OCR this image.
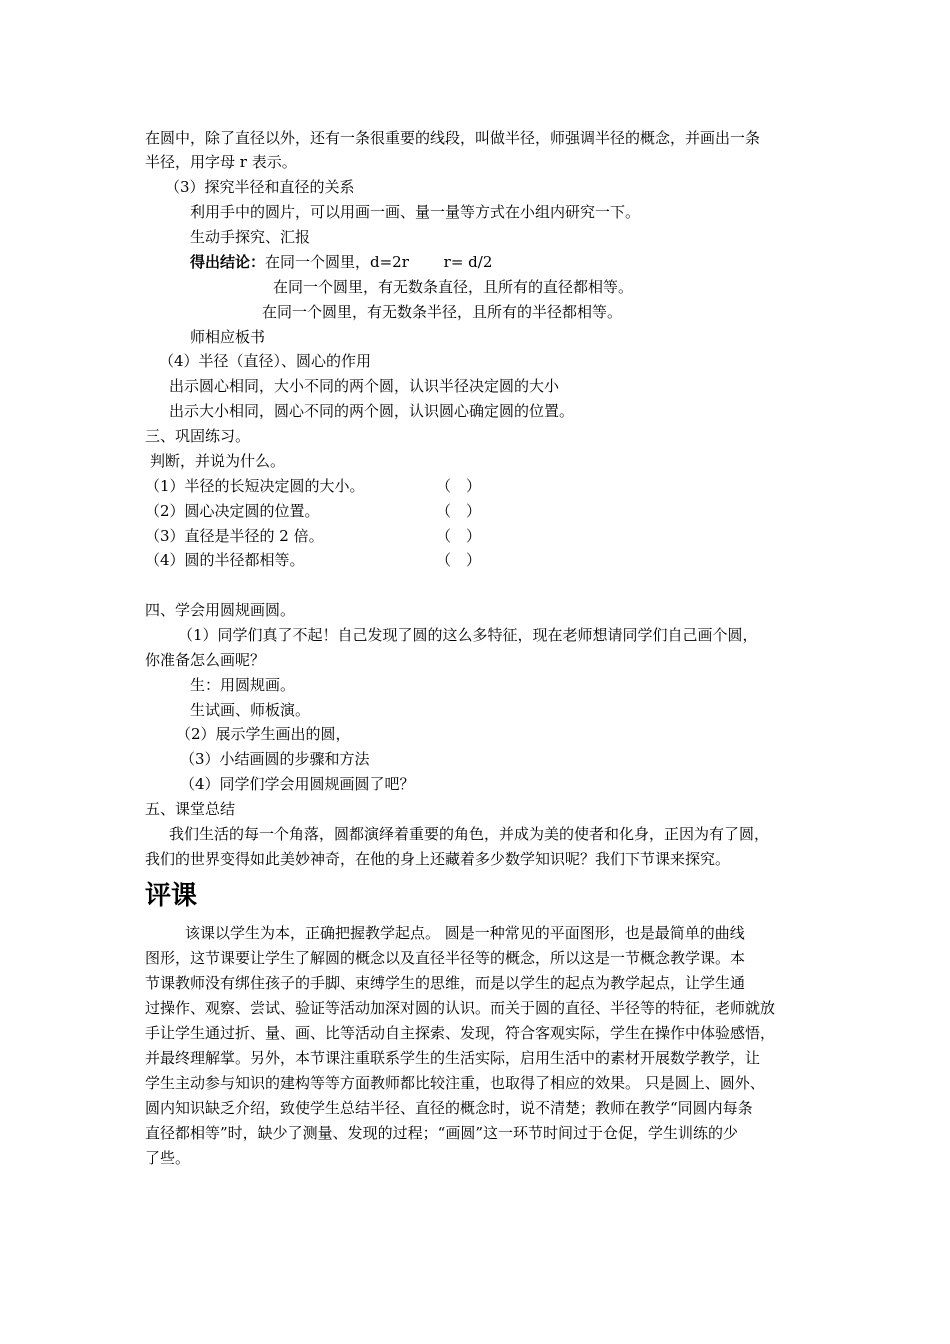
在圆中，除了直径以外，还有一条很重要的线段，叫做半径，师强调半径的概念，并画出一条
半径，用字母 r 表示。
（3）探究半径和直径的关系
利用手中的圆片，可以用画一画、量一量等方式在小组内研究一下。
生动手探究、汇报
得出结论：在同一个圆里，d=2r　　 r= d/2
在同一个圆里，有无数条直径，且所有的直径都相等。
在同一个圆里，有无数条半径，且所有的半径都相等。
师相应板书
（4）半径（直径）、圆心的作用
出示圆心相同，大小不同的两个圆，认识半径决定圆的大小
出示大小相同，圆心不同的两个圆，认识圆心确定圆的位置。
三、巩固练习。
判断，并说为什么。
（1）半径的长短决定圆的大小。	（　）
（2）圆心决定圆的位置。	（　）
（3）直径是半径的 2 倍。	（　）
（4）圆的半径都相等。	（　）
四、学会用圆规画圆。
（1）同学们真了不起！自己发现了圆的这么多特征，现在老师想请同学们自己画个圆，
你准备怎么画呢？
生：用圆规画。
生试画、师板演。
（2）展示学生画出的圆，
（3）小结画圆的步骤和方法
（4）同学们学会用圆规画圆了吧？
五、课堂总结
我们生活的每一个角落，圆都演绎着重要的角色，并成为美的使者和化身，正因为有了圆，
我们的世界变得如此美妙神奇，在他的身上还藏着多少数学知识呢？我们下节课来探究。
评课
该课以学生为本，正确把握教学起点。 圆是一种常见的平面图形，也是最简单的曲线
图形，这节课要让学生了解圆的概念以及直径半径等的概念，所以这是一节概念教学课。本
节课教师没有绑住孩子的手脚、束缚学生的思维，而是以学生的起点为教学起点，让学生通
过操作、观察、尝试、验证等活动加深对圆的认识。而关于圆的直径、半径等的特征，老师就放
手让学生通过折、量、画、比等活动自主探索、发现，符合客观实际，学生在操作中体验感悟，
并最终理解掌。另外，本节课注重联系学生的生活实际，启用生活中的素材开展数学教学，让
学生主动参与知识的建构等等方面教师都比较注重，也取得了相应的效果。 只是圆上、圆外、
圆内知识缺乏介绍，致使学生总结半径、直径的概念时，说不清楚；教师在教学“同圆内每条
直径都相等”时，缺少了测量、发现的过程；“画圆”这一环节时间过于仓促，学生训练的少
了些。
